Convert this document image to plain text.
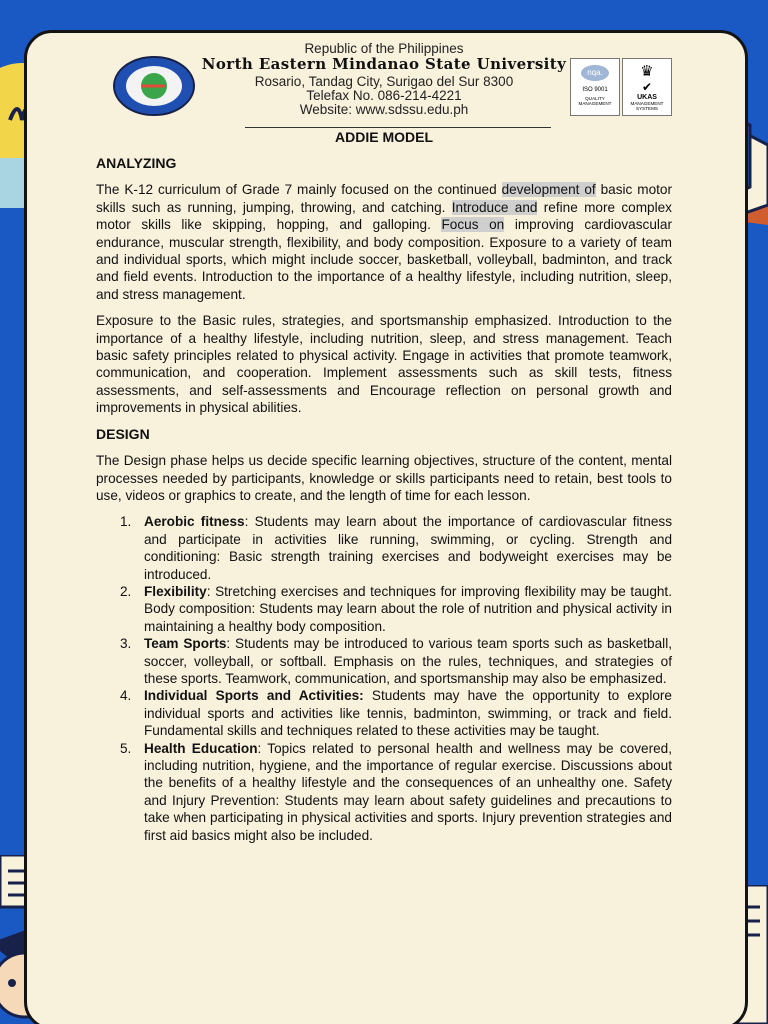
Republic of the Philippines
North Eastern Mindanao State University
Rosario, Tandag City, Surigao del Sur 8300
Telefax No. 086-214-4221
Website: www.sdssu.edu.ph
nqa.
ISO 9001
QUALITY MANAGEMENT
♛
✔
UKAS
MANAGEMENT SYSTEMS
ADDIE MODEL
ANALYZING
The K-12 curriculum of Grade 7 mainly focused on the continued development of basic motor skills such as running, jumping, throwing, and catching. Introduce and refine more complex motor skills like skipping, hopping, and galloping. Focus on improving cardiovascular endurance, muscular strength, flexibility, and body composition. Exposure to a variety of team and individual sports, which might include soccer, basketball, volleyball, badminton, and track and field events. Introduction to the importance of a healthy lifestyle, including nutrition, sleep, and stress management.
Exposure to the Basic rules, strategies, and sportsmanship emphasized. Introduction to the importance of a healthy lifestyle, including nutrition, sleep, and stress management. Teach basic safety principles related to physical activity. Engage in activities that promote teamwork, communication, and cooperation. Implement assessments such as skill tests, fitness assessments, and self-assessments and Encourage reflection on personal growth and improvements in physical abilities.
DESIGN
The Design phase helps us decide specific learning objectives, structure of the content, mental processes needed by participants, knowledge or skills participants need to retain, best tools to use, videos or graphics to create, and the length of time for each lesson.
1. Aerobic fitness: Students may learn about the importance of cardiovascular fitness and participate in activities like running, swimming, or cycling. Strength and conditioning: Basic strength training exercises and bodyweight exercises may be introduced.
2. Flexibility: Stretching exercises and techniques for improving flexibility may be taught. Body composition: Students may learn about the role of nutrition and physical activity in maintaining a healthy body composition.
3. Team Sports: Students may be introduced to various team sports such as basketball, soccer, volleyball, or softball. Emphasis on the rules, techniques, and strategies of these sports. Teamwork, communication, and sportsmanship may also be emphasized.
4. Individual Sports and Activities: Students may have the opportunity to explore individual sports and activities like tennis, badminton, swimming, or track and field. Fundamental skills and techniques related to these activities may be taught.
5. Health Education: Topics related to personal health and wellness may be covered, including nutrition, hygiene, and the importance of regular exercise. Discussions about the benefits of a healthy lifestyle and the consequences of an unhealthy one. Safety and Injury Prevention: Students may learn about safety guidelines and precautions to take when participating in physical activities and sports. Injury prevention strategies and first aid basics might also be included.
